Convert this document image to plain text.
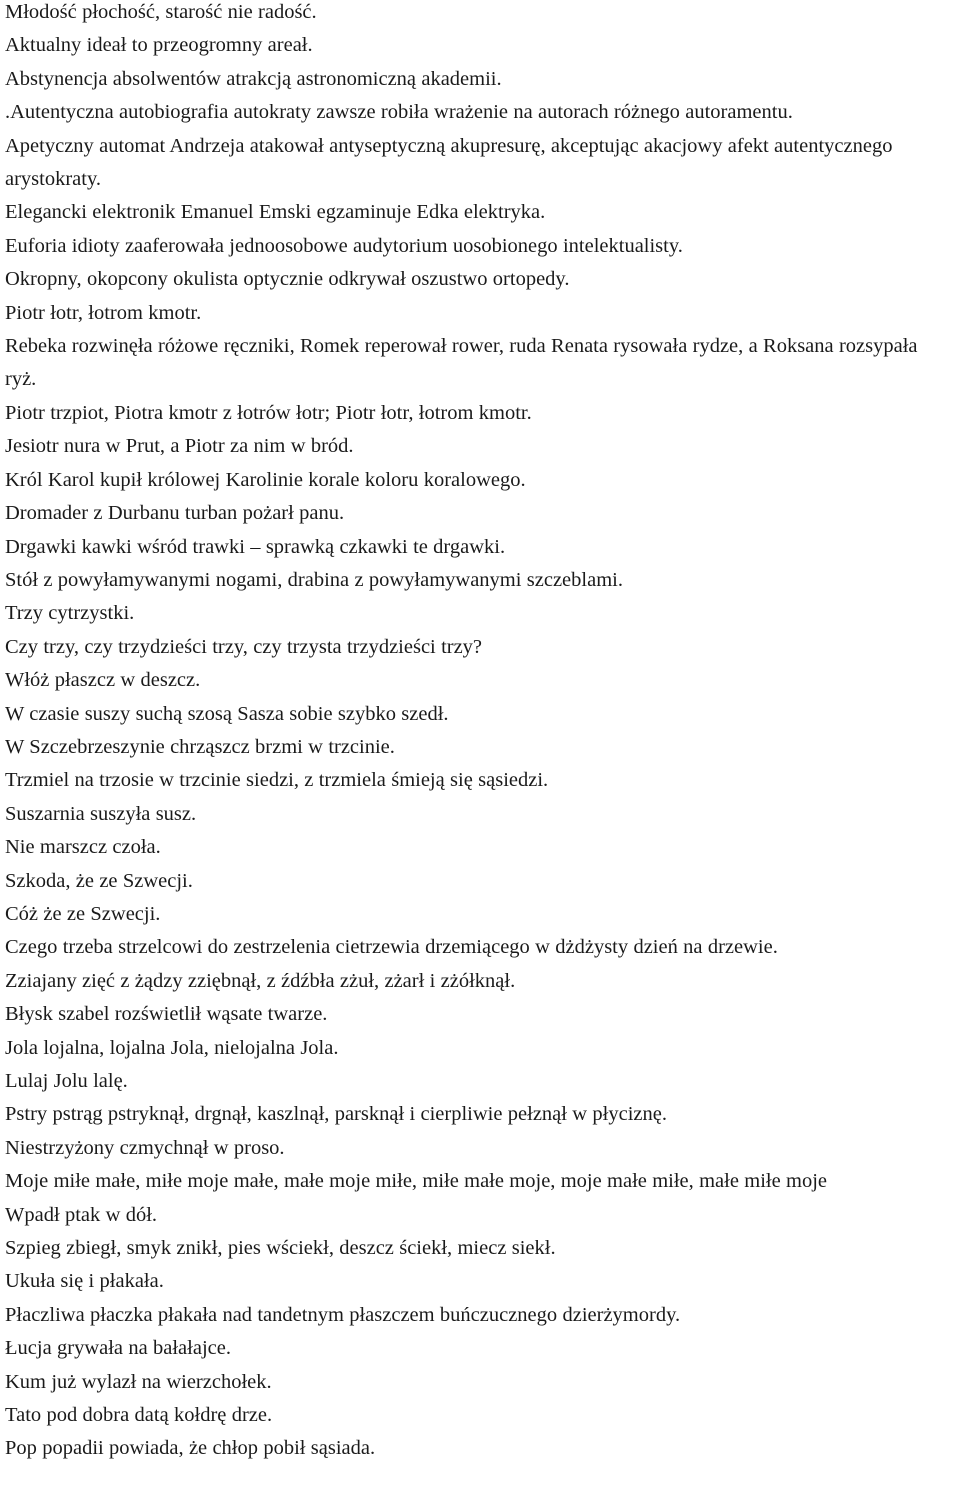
Młodość płochość, starość nie radość.
Aktualny ideał to przeogromny areał.
Abstynencja absolwentów atrakcją astronomiczną akademii.
.Autentyczna autobiografia autokraty zawsze robiła wrażenie na autorach różnego autoramentu.
Apetyczny automat Andrzeja atakował antyseptyczną akupresurę, akceptując akacjowy afekt autentycznego arystokraty.
Elegancki elektronik Emanuel Emski egzaminuje Edka elektryka.
Euforia idioty zaaferowała jednoosobowe audytorium uosobionego intelektualisty.
Okropny, okopcony okulista optycznie odkrywał oszustwo ortopedy.
Piotr łotr, łotrom kmotr.
Rebeka rozwinęła różowe ręczniki, Romek reperował rower, ruda Renata rysowała rydze, a Roksana rozsypała ryż.
Piotr trzpiot, Piotra kmotr z łotrów łotr; Piotr łotr, łotrom kmotr.
Jesiotr nura w Prut, a Piotr za nim w bród.
Król Karol kupił królowej Karolinie korale koloru koralowego.
Dromader z Durbanu turban pożarł panu.
Drgawki kawki wśród trawki – sprawką czkawki te drgawki.
Stół z powyłamywanymi nogami, drabina z powyłamywanymi szczeblami.
Trzy cytrzystki.
Czy trzy, czy trzydzieści trzy, czy trzysta trzydzieści trzy?
Włóż płaszcz w deszcz.
W czasie suszy suchą szosą Sasza sobie szybko szedł.
W Szczebrzeszynie chrząszcz brzmi w trzcinie.
Trzmiel na trzosie w trzcinie siedzi, z trzmiela śmieją się sąsiedzi.
Suszarnia suszyła susz.
Nie marszcz czoła.
Szkoda, że ze Szwecji.
Cóż że ze Szwecji.
Czego trzeba strzelcowi do zestrzelenia cietrzewia drzemiącego w dżdżysty dzień na drzewie.
Zziajany zięć z żądzy zziębnął, z źdźbła zżuł, zżarł i zżółknął.
Błysk szabel rozświetlił wąsate twarze.
Jola lojalna, lojalna Jola, nielojalna Jola.
Lulaj Jolu lalę.
Pstry pstrąg pstryknął, drgnął, kaszlnął, parsknął i cierpliwie pełznął w płyciznę.
Niestrzyżony czmychnął w proso.
Moje miłe małe, miłe moje małe, małe moje miłe, miłe małe moje, moje małe miłe, małe miłe moje
Wpadł ptak w dół.
Szpieg zbiegł, smyk znikł, pies wściekł, deszcz ściekł, miecz siekł.
Ukuła się i płakała.
Płaczliwa płaczka płakała nad tandetnym płaszczem buńczucznego dzierżymordy.
Łucja grywała na bałałajce.
Kum już wylazł na wierzchołek.
Tato pod dobra datą kołdrę drze.
Pop popadii powiada, że chłop pobił sąsiada.
